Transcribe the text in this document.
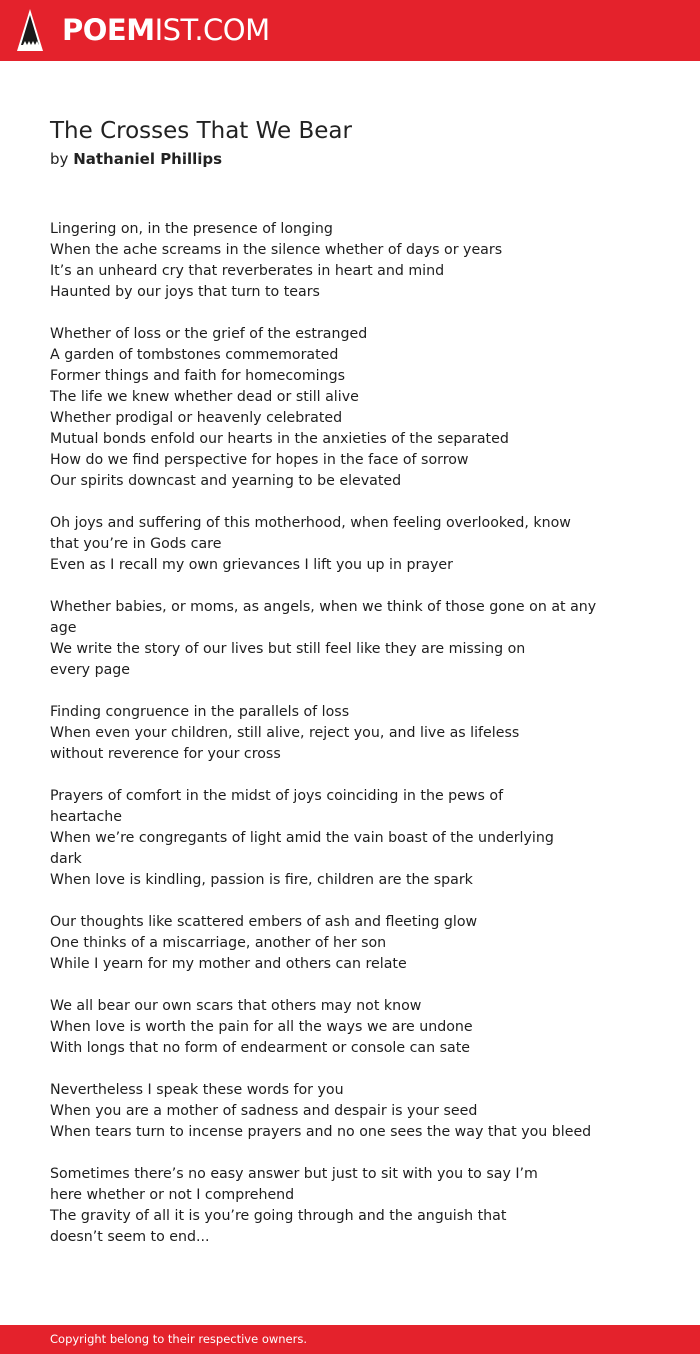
POEMIST.COM
The Crosses That We Bear
by Nathaniel Phillips
Lingering on, in the presence of longing
When the ache screams in the silence whether of days or years
It’s an unheard cry that reverberates in heart and mind
Haunted by our joys that turn to tears
Whether of loss or the grief of the estranged
A garden of tombstones commemorated
Former things and faith for homecomings
The life we knew whether dead or still alive
Whether prodigal or heavenly celebrated
Mutual bonds enfold our hearts in the anxieties of the separated
How do we find perspective for hopes in the face of sorrow
Our spirits downcast and yearning to be elevated
Oh joys and suffering of this motherhood, when feeling overlooked, know
that you’re in Gods care
Even as I recall my own grievances I lift you up in prayer
Whether babies, or moms, as angels, when we think of those gone on at any
age
We write the story of our lives but still feel like they are missing on
every page
Finding congruence in the parallels of loss
When even your children, still alive, reject you, and live as lifeless
without reverence for your cross
Prayers of comfort in the midst of joys coinciding in the pews of
heartache
When we’re congregants of light amid the vain boast of the underlying
dark
When love is kindling, passion is fire, children are the spark
Our thoughts like scattered embers of ash and fleeting glow
One thinks of a miscarriage, another of her son
While I yearn for my mother and others can relate
We all bear our own scars that others may not know
When love is worth the pain for all the ways we are undone
With longs that no form of endearment or console can sate
Nevertheless I speak these words for you
When you are a mother of sadness and despair is your seed
When tears turn to incense prayers and no one sees the way that you bleed
Sometimes there’s no easy answer but just to sit with you to say I’m
here whether or not I comprehend
The gravity of all it is you’re going through and the anguish that
doesn’t seem to end...
Copyright belong to their respective owners.
